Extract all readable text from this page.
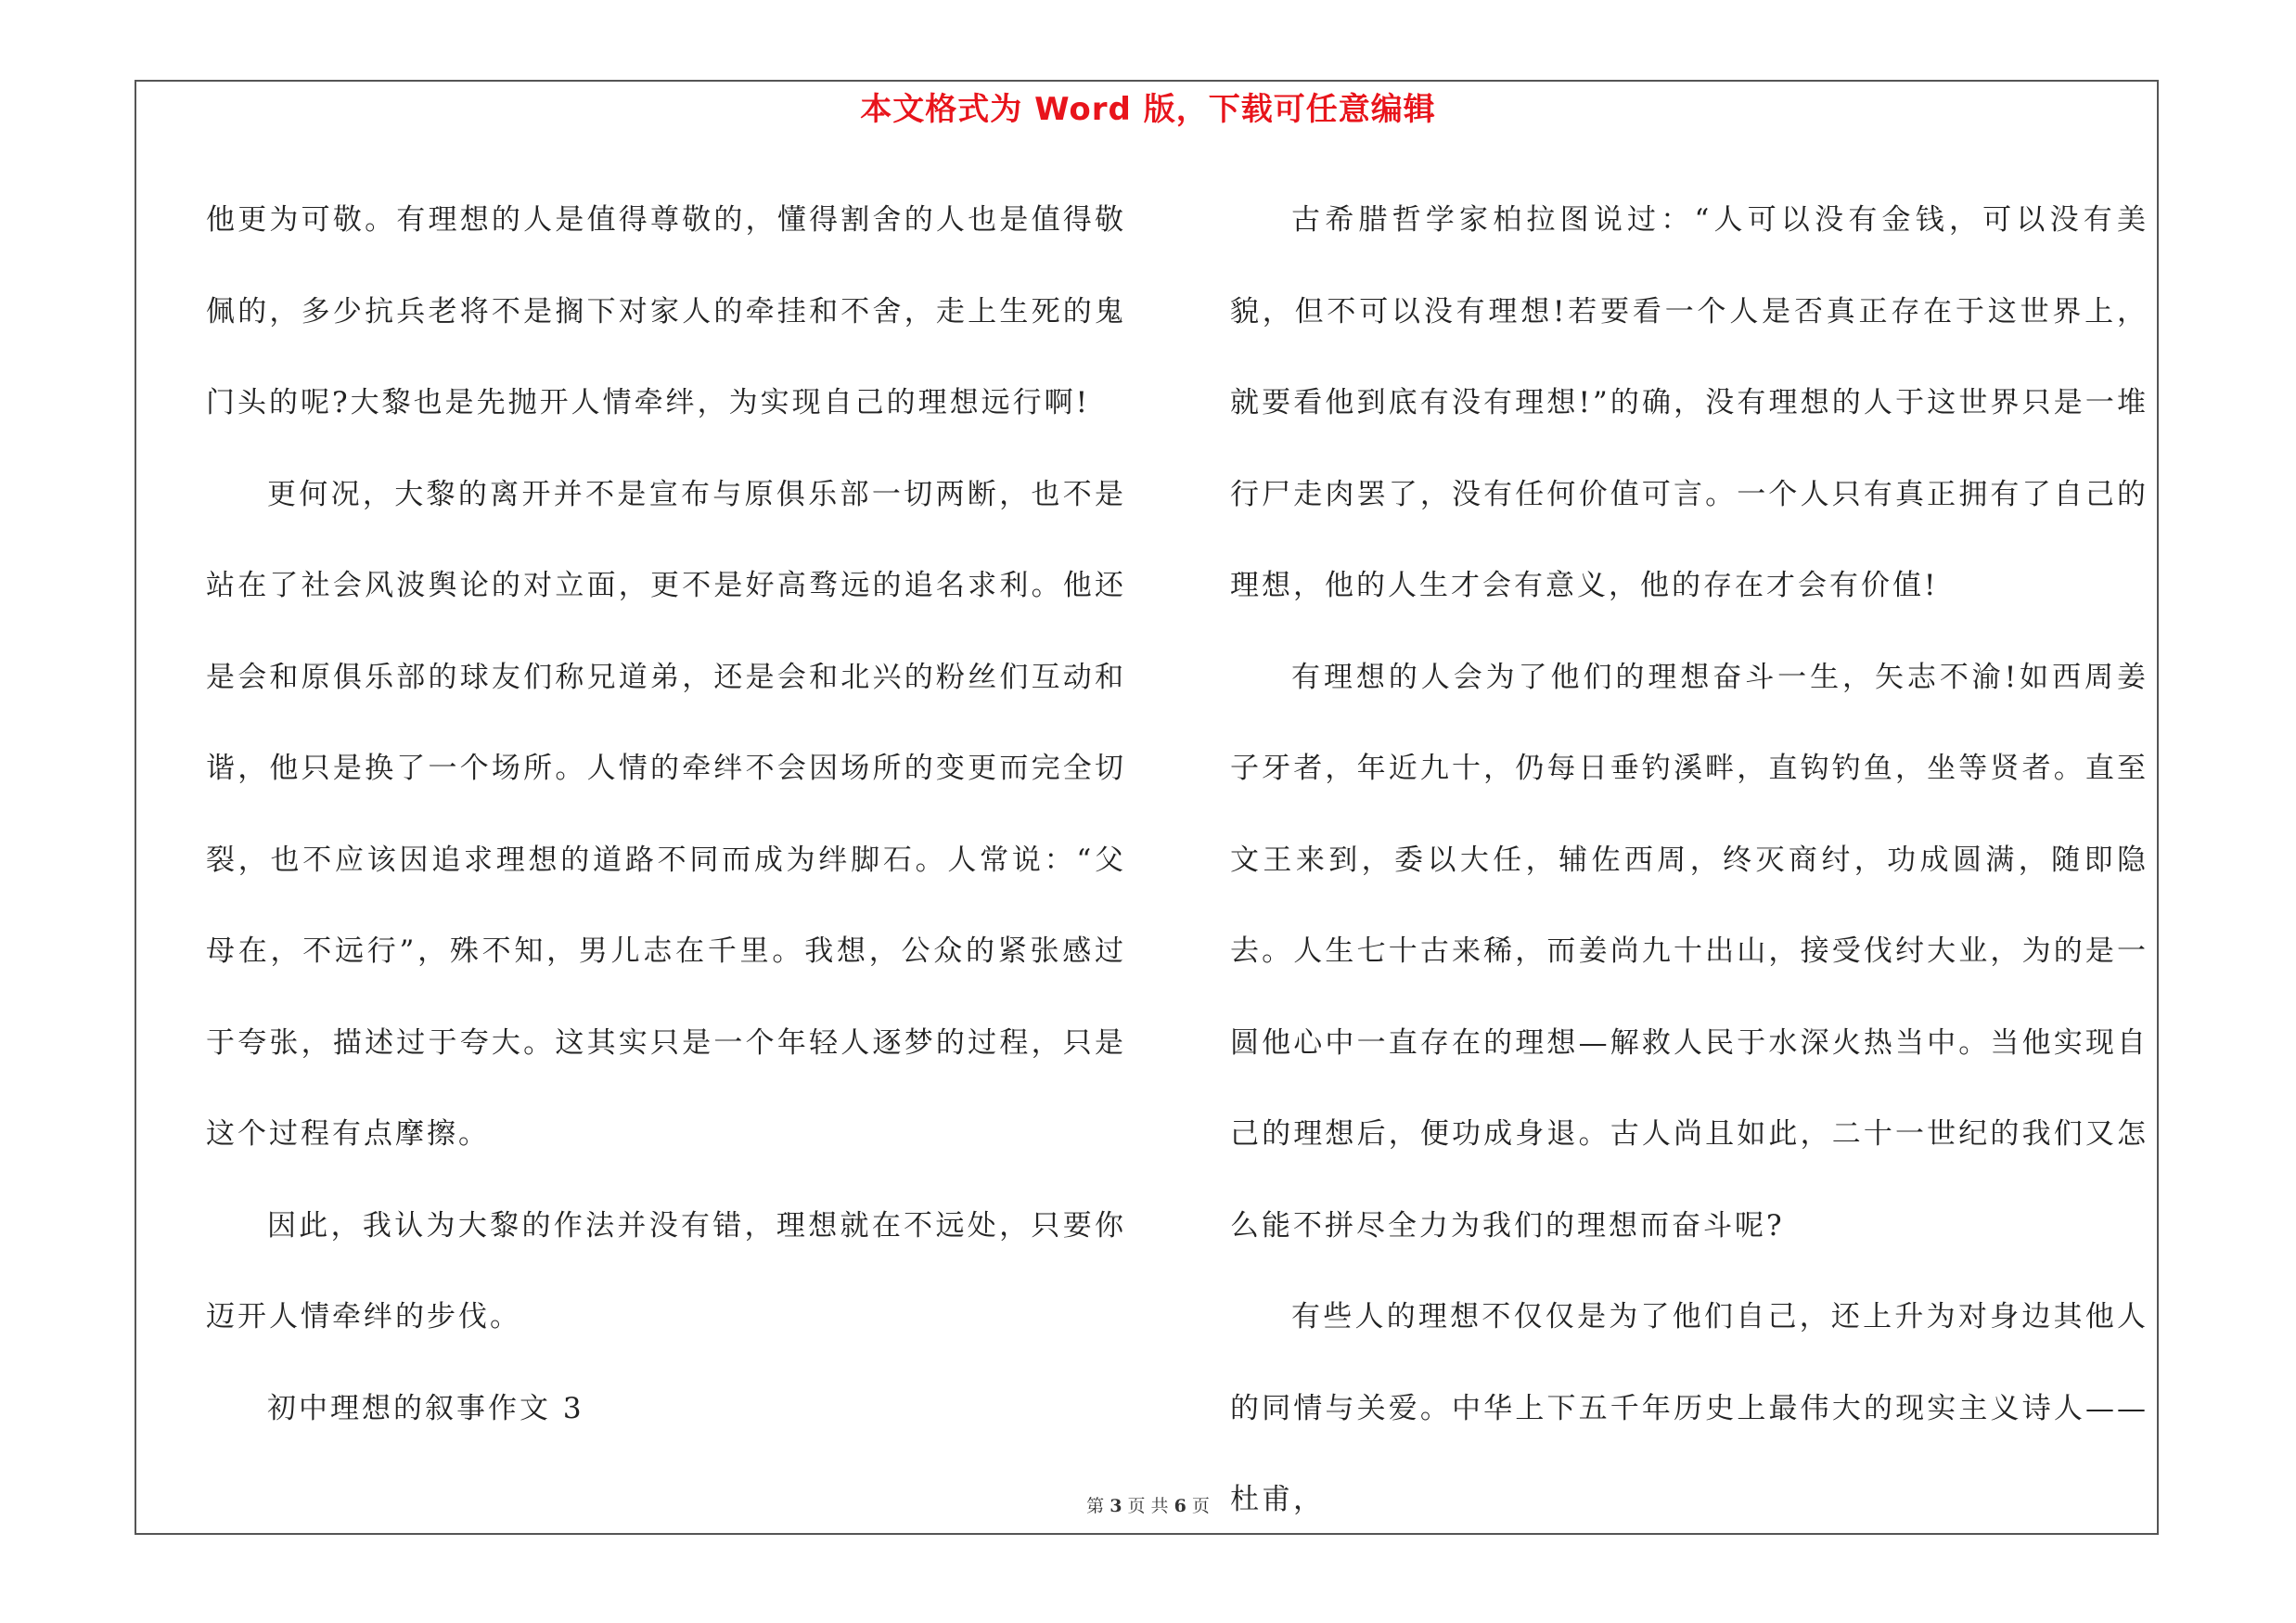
本文格式为 Word 版，下载可任意编辑

他更为可敬。有理想的人是值得尊敬的，懂得割舍的人也是值得敬佩的，多少抗兵老将不是搁下对家人的牵挂和不舍，走上生死的鬼门头的呢?大黎也是先抛开人情牵绊，为实现自己的理想远行啊!

更何况，大黎的离开并不是宣布与原俱乐部一切两断，也不是站在了社会风波舆论的对立面，更不是好高骛远的追名求利。他还是会和原俱乐部的球友们称兄道弟，还是会和北兴的粉丝们互动和谐，他只是换了一个场所。人情的牵绊不会因场所的变更而完全切裂，也不应该因追求理想的道路不同而成为绊脚石。人常说：“父母在，不远行”，殊不知，男儿志在千里。我想，公众的紧张感过于夸张，描述过于夸大。这其实只是一个年轻人逐梦的过程，只是这个过程有点摩擦。

因此，我认为大黎的作法并没有错，理想就在不远处，只要你迈开人情牵绊的步伐。

初中理想的叙事作文 3

古希腊哲学家柏拉图说过：“人可以没有金钱，可以没有美貌，但不可以没有理想!若要看一个人是否真正存在于这世界上，就要看他到底有没有理想!”的确，没有理想的人于这世界只是一堆行尸走肉罢了，没有任何价值可言。一个人只有真正拥有了自己的理想，他的人生才会有意义，他的存在才会有价值!

有理想的人会为了他们的理想奋斗一生，矢志不渝!如西周姜子牙者，年近九十，仍每日垂钓溪畔，直钩钓鱼，坐等贤者。直至文王来到，委以大任，辅佐西周，终灭商纣，功成圆满，随即隐去。人生七十古来稀，而姜尚九十出山，接受伐纣大业，为的是一圆他心中一直存在的理想—解救人民于水深火热当中。当他实现自己的理想后，便功成身退。古人尚且如此，二十一世纪的我们又怎么能不拼尽全力为我们的理想而奋斗呢?

有些人的理想不仅仅是为了他们自己，还上升为对身边其他人的同情与关爱。中华上下五千年历史上最伟大的现实主义诗人——杜甫，

第 3 页 共 6 页
